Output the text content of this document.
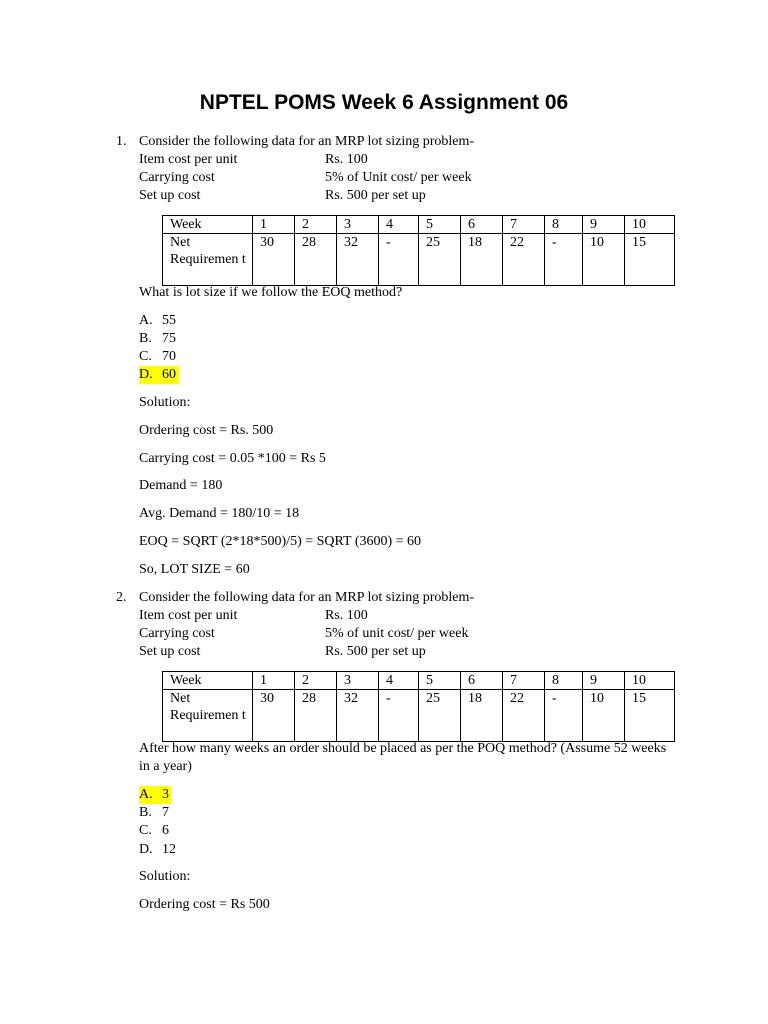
NPTEL POMS Week 6 Assignment 06
1. Consider the following data for an MRP lot sizing problem-
Item cost per unit	Rs. 100
Carrying cost	5% of Unit cost/ per week
Set up cost	Rs. 500 per set up
Week	1	2	3	4	5	6	7	8	9	10
Net Requiremen t	30	28	32	-	25	18	22	-	10	15
What is lot size if we follow the EOQ method?
A. 55
B. 75
C. 70
D. 60
Solution:
Ordering cost = Rs. 500
Carrying cost = 0.05 *100 = Rs 5
Demand = 180
Avg. Demand = 180/10 = 18
EOQ = SQRT (2*18*500)/5) = SQRT (3600) = 60
So, LOT SIZE = 60
2. Consider the following data for an MRP lot sizing problem-
Item cost per unit	Rs. 100
Carrying cost	5% of unit cost/ per week
Set up cost	Rs. 500 per set up
Week	1	2	3	4	5	6	7	8	9	10
Net Requiremen t	30	28	32	-	25	18	22	-	10	15
After how many weeks an order should be placed as per the POQ method? (Assume 52 weeks in a year)
A. 3
B. 7
C. 6
D. 12
Solution:
Ordering cost = Rs 500
